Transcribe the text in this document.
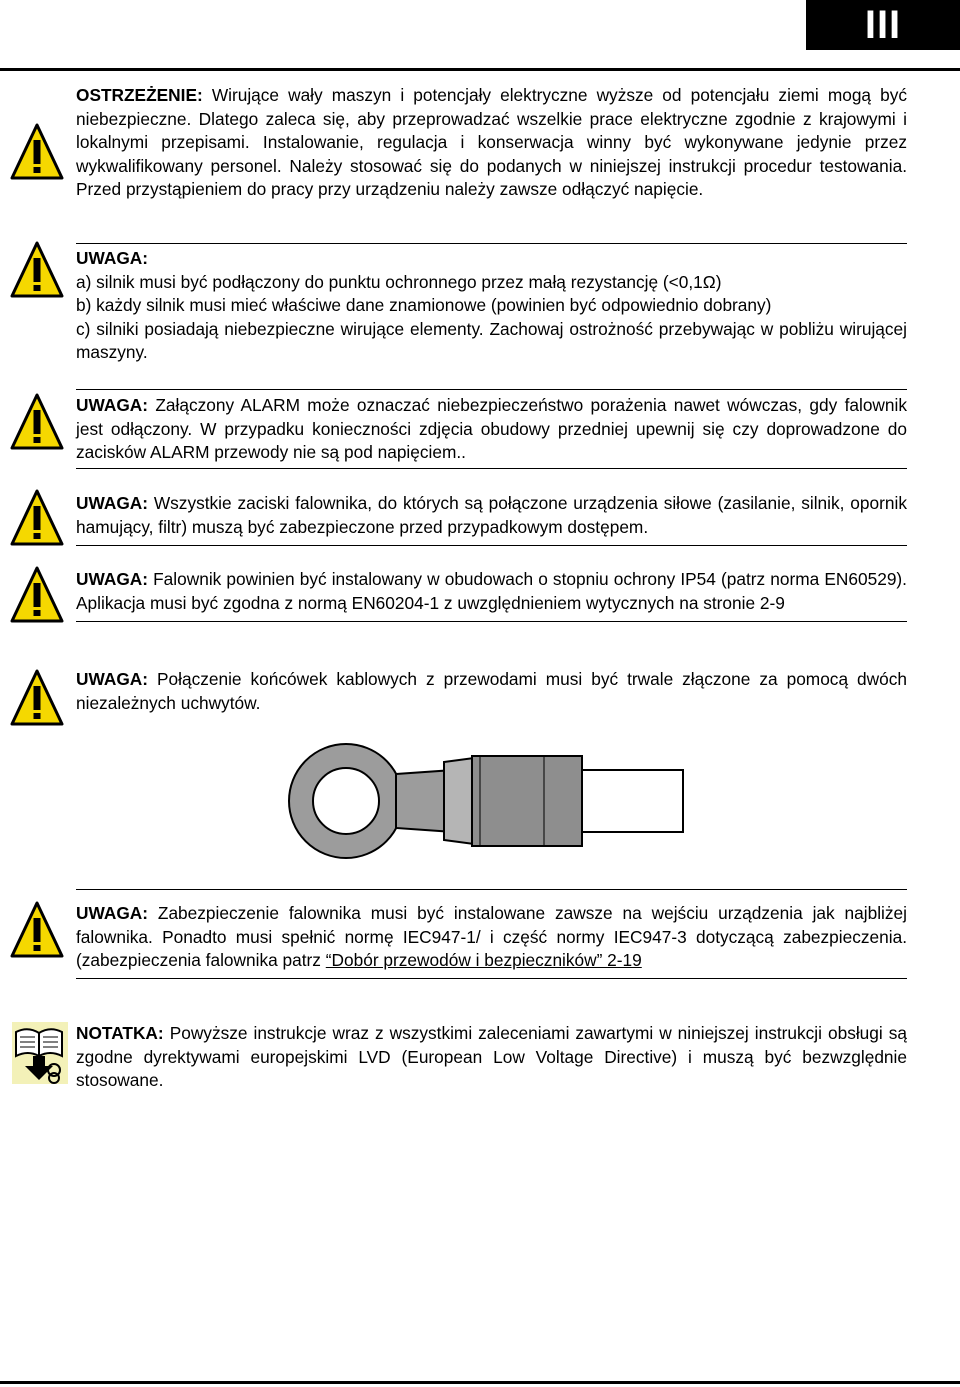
III

OSTRZEŻENIE: Wirujące wały maszyn i potencjały elektryczne wyższe od potencjału ziemi mogą być niebezpieczne. Dlatego zaleca się, aby przeprowadzać wszelkie prace elektryczne zgodnie z krajowymi i lokalnymi przepisami. Instalowanie, regulacja i konserwacja winny być wykonywane jedynie przez wykwalifikowany personel. Należy stosować się do podanych w niniejszej instrukcji procedur testowania. Przed przystąpieniem do pracy przy urządzeniu należy zawsze odłączyć napięcie.

UWAGA:

a) silnik musi być podłączony do punktu ochronnego przez małą rezystancję (<0,1Ω)

b) każdy silnik musi mieć właściwe dane znamionowe (powinien być odpowiednio dobrany)

c) silniki posiadają niebezpieczne wirujące elementy. Zachowaj ostrożność przebywając w pobliżu wirującej maszyny.

UWAGA: Załączony ALARM może oznaczać niebezpieczeństwo porażenia nawet wówczas, gdy falownik jest odłączony. W przypadku konieczności zdjęcia obudowy przedniej upewnij się czy doprowadzone do zacisków ALARM przewody nie są pod napięciem..

UWAGA: Wszystkie zaciski falownika, do których są połączone urządzenia siłowe (zasilanie, silnik, opornik hamujący, filtr) muszą być zabezpieczone przed przypadkowym dostępem.

UWAGA: Falownik powinien być instalowany w obudowach o stopniu ochrony IP54 (patrz norma EN60529). Aplikacja musi być zgodna z normą EN60204-1 z uwzględnieniem wytycznych na stronie 2-9

UWAGA: Połączenie końcówek kablowych z przewodami musi być trwale złączone za pomocą dwóch niezależnych uchwytów.

UWAGA: Zabezpieczenie falownika musi być instalowane zawsze na wejściu urządzenia jak najbliżej falownika. Ponadto musi spełnić normę IEC947-1/ i część normy IEC947-3 dotyczącą zabezpieczenia. (zabezpieczenia falownika patrz “Dobór przewodów i bezpieczników” 2-19

NOTATKA: Powyższe instrukcje wraz z wszystkimi zaleceniami zawartymi w niniejszej instrukcji obsługi są zgodne dyrektywami europejskimi LVD (European Low Voltage Directive) i muszą być bezwzględnie stosowane.
